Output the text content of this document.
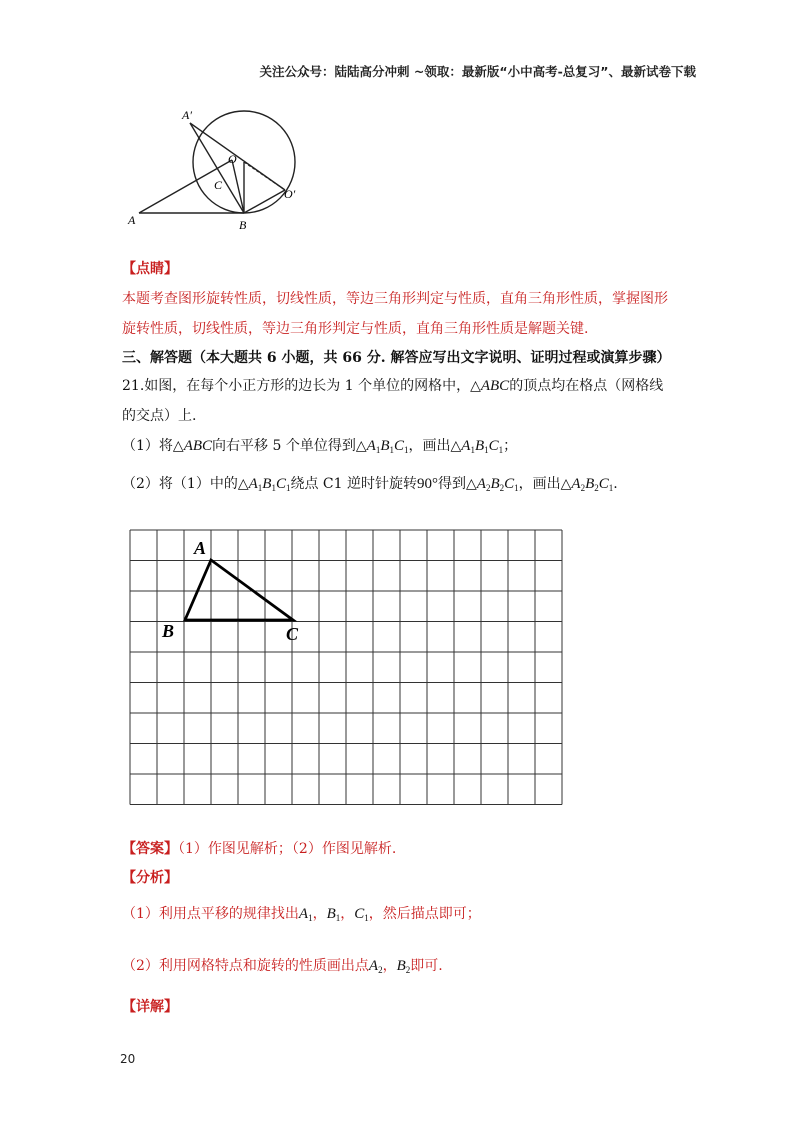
关注公众号：陆陆高分冲刺 ~领取：最新版“小中高考-总复习”、最新试卷下载
A′
O
C
O′
A	B
【点睛】
本题考查图形旋转性质，切线性质，等边三角形判定与性质，直角三角形性质，掌握图形
旋转性质，切线性质，等边三角形判定与性质，直角三角形性质是解题关键.
三、解答题（本大题共 6 小题，共 66 分. 解答应写出文字说明、证明过程或演算步骤）
21.如图，在每个小正方形的边长为 1 个单位的网格中，△ABC的顶点均在格点（网格线
的交点）上.
（1）将△ABC向右平移 5 个单位得到$\triangle A_1B_1C_1$，画出$\triangle A_1B_1C_1$；
（2）将（1）中的$\triangle A_1B_1C_1$绕点 C1 逆时针旋转90°得到$\triangle A_2B_2C_1$，画出$\triangle A_2B_2C_1$.
A
B	C
【答案】（1）作图见解析；（2）作图见解析.
【分析】
（1）利用点平移的规律找出$A_1$，$B_1$，$C_1$，然后描点即可；
（2）利用网格特点和旋转的性质画出点$A_2$，$B_2$即可.
【详解】
20
